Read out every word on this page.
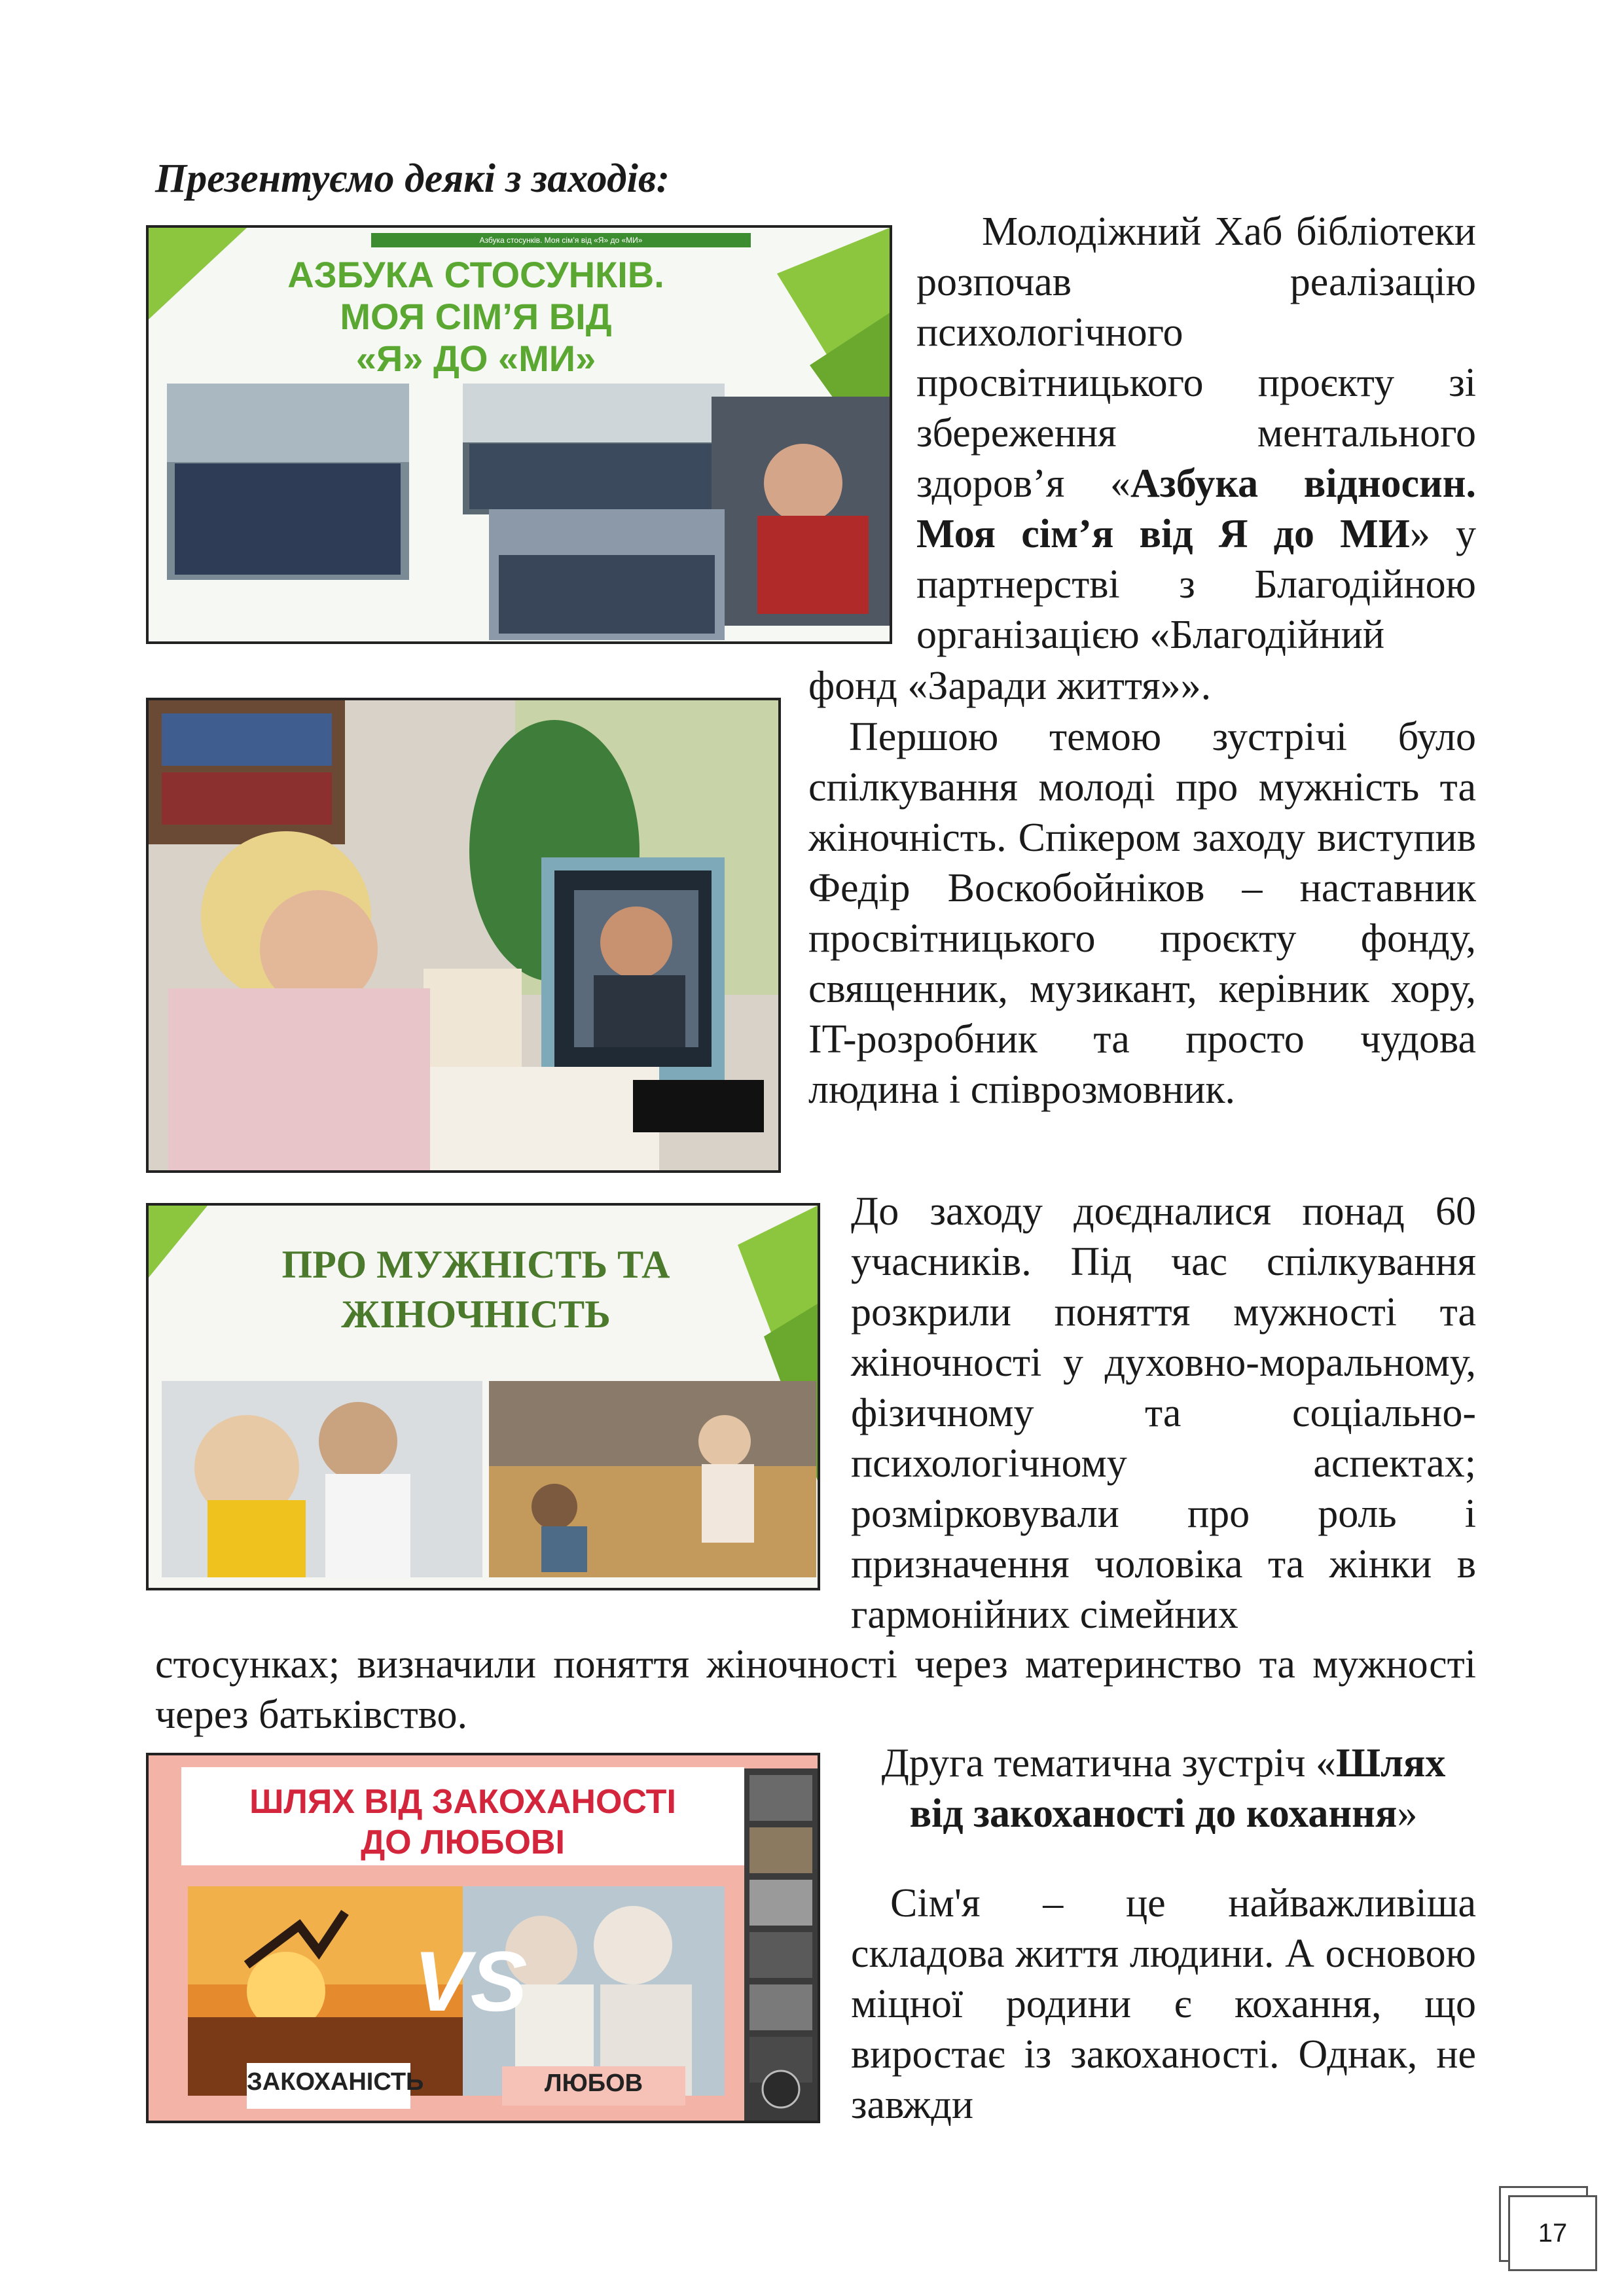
Презентуємо деякі з заходів:
Азбука стосунків. Моя сім’я від «Я» до «МИ»
АЗБУКА СТОСУНКІВ.
МОЯ СІМ’Я ВІД
«Я» ДО «МИ»
Молодіжний Хаб бібліотеки розпочав реалізацію психологічного просвітницького проєкту зі збереження ментального здоров’я «Азбука відносин. Моя сім’я від Я до МИ» у партнерстві з Благодійною організацією «Благодійний
фонд «Заради життя»».
Першою темою зустрічі було спілкування молоді про мужність та жіночність. Спікером заходу виступив Федір Воскобойніков – наставник просвітницького проєкту фонду, священник, музикант, керівник хору, IT-розробник та просто чудова людина і співрозмовник.
ПРО МУЖНІСТЬ ТА
ЖІНОЧНІСТЬ
До заходу доєдналися понад 60 учасників. Під час спілкування розкрили поняття мужності та жіночності у духовно-моральному, фізичному та соціально-психологічному аспектах; розмірковували про роль і призначення чоловіка та жінки в гармонійних сімейних
стосунках; визначили поняття жіночності через материнство та мужності через батьківство.
ШЛЯХ ВІД ЗАКОХАНОСТІ
ДО ЛЮБОВІ
VS
ЗАКОХАНІСТЬ	ЛЮБОВ
Друга тематична зустріч «Шлях від закоханості до кохання»
Сім'я – це найважливіша складова життя людини. А основою міцної родини є кохання, що виростає із закоханості. Однак, не завжди
17
